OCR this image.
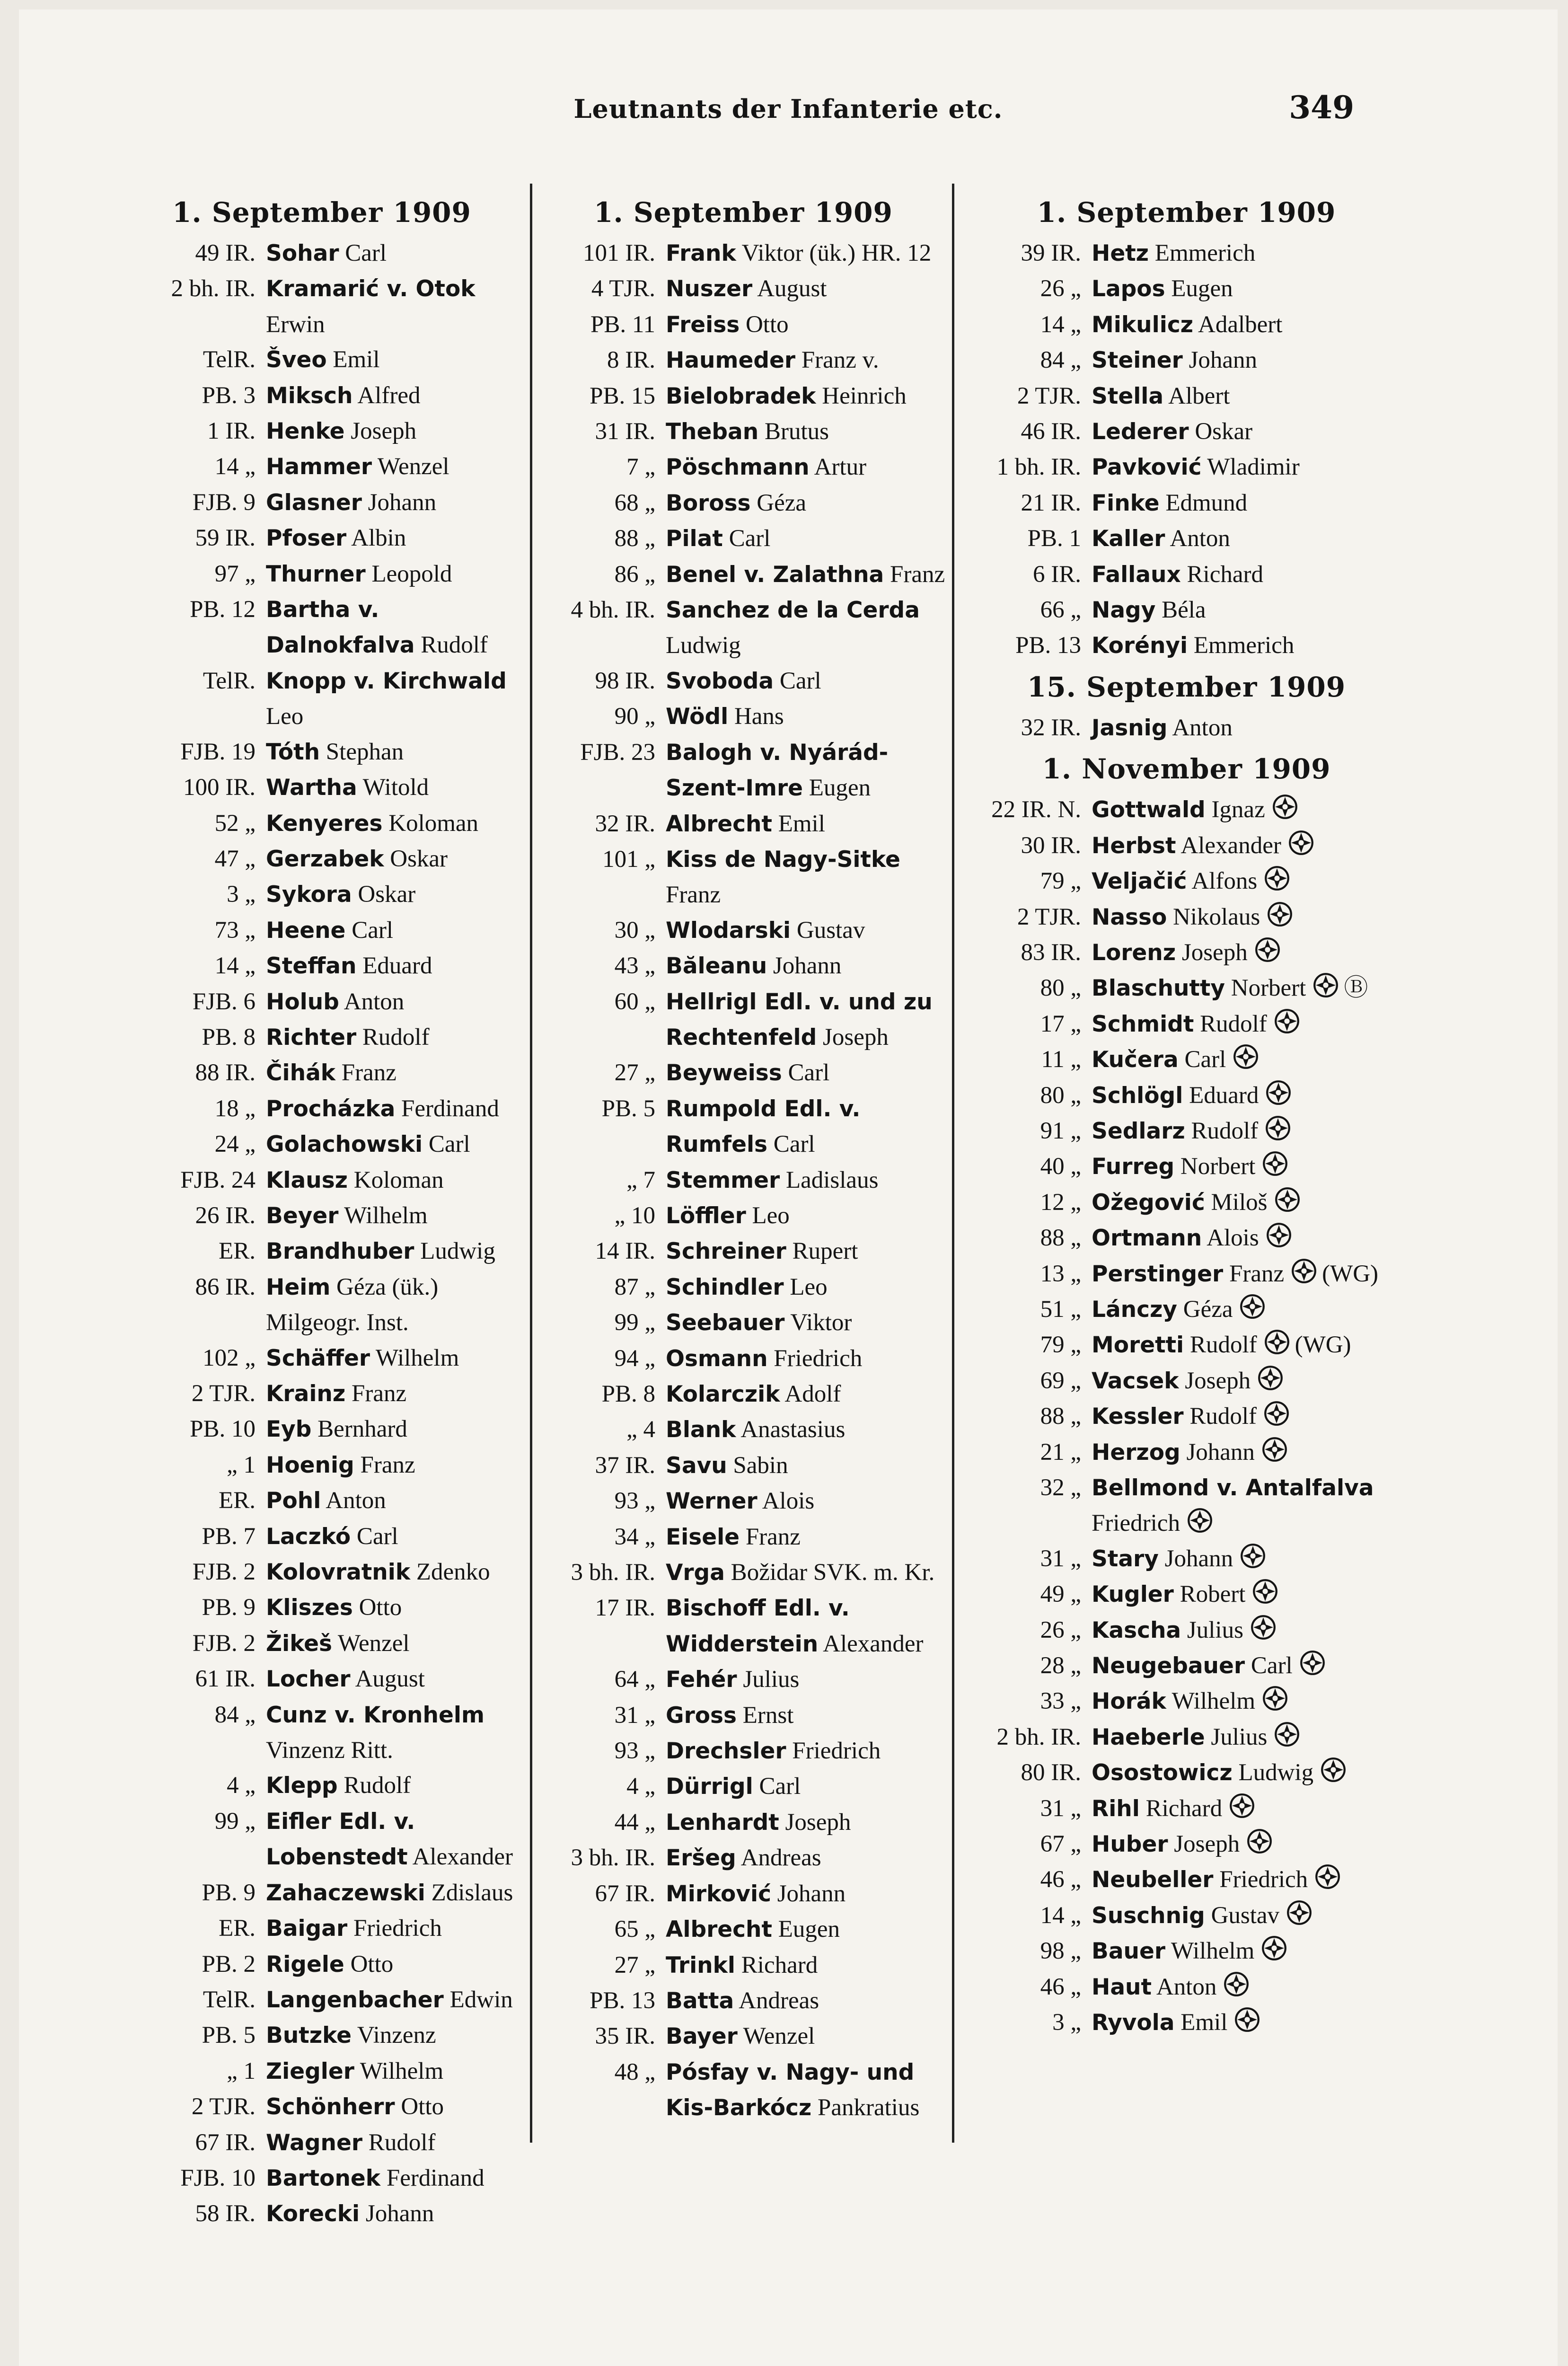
Leutnants der Infanterie etc.	349
1. September 1909
49 IR. Sohar Carl
2 bh. IR. Kramarić v. Otok Erwin
TelR. Šveo Emil
PB. 3 Miksch Alfred
1 IR. Henke Joseph
14 „ Hammer Wenzel
FJB. 9 Glasner Johann
59 IR. Pfoser Albin
97 „ Thurner Leopold
PB. 12 Bartha v. Dalnokfalva Rudolf
TelR. Knopp v. Kirchwald Leo
FJB. 19 Tóth Stephan
100 IR. Wartha Witold
52 „ Kenyeres Koloman
47 „ Gerzabek Oskar
3 „ Sykora Oskar
73 „ Heene Carl
14 „ Steffan Eduard
FJB. 6 Holub Anton
PB. 8 Richter Rudolf
88 IR. Čihák Franz
18 „ Procházka Ferdinand
24 „ Golachowski Carl
FJB. 24 Klausz Koloman
26 IR. Beyer Wilhelm
ER. Brandhuber Ludwig
86 IR. Heim Géza (ük.) Milgeogr. Inst.
102 „ Schäffer Wilhelm
2 TJR. Krainz Franz
PB. 10 Eyb Bernhard
„ 1 Hoenig Franz
ER. Pohl Anton
PB. 7 Laczkó Carl
FJB. 2 Kolovratnik Zdenko
PB. 9 Kliszes Otto
FJB. 2 Žikeš Wenzel
61 IR. Locher August
84 „ Cunz v. Kronhelm Vinzenz Ritt.
4 „ Klepp Rudolf
99 „ Eifler Edl. v. Lobenstedt Alexander
PB. 9 Zahaczewski Zdislaus
ER. Baigar Friedrich
PB. 2 Rigele Otto
TelR. Langenbacher Edwin
PB. 5 Butzke Vinzenz
„ 1 Ziegler Wilhelm
2 TJR. Schönherr Otto
67 IR. Wagner Rudolf
FJB. 10 Bartonek Ferdinand
58 IR. Korecki Johann
1. September 1909
101 IR. Frank Viktor (ük.) HR. 12
4 TJR. Nuszer August
PB. 11 Freiss Otto
8 IR. Haumeder Franz v.
PB. 15 Bielobradek Heinrich
31 IR. Theban Brutus
7 „ Pöschmann Artur
68 „ Boross Géza
88 „ Pilat Carl
86 „ Benel v. Zalathna Franz
4 bh. IR. Sanchez de la Cerda Ludwig
98 IR. Svoboda Carl
90 „ Wödl Hans
FJB. 23 Balogh v. Nyárád-Szent-Imre Eugen
32 IR. Albrecht Emil
101 „ Kiss de Nagy-Sitke Franz
30 „ Wlodarski Gustav
43 „ Băleanu Johann
60 „ Hellrigl Edl. v. und zu Rechtenfeld Joseph
27 „ Beyweiss Carl
PB. 5 Rumpold Edl. v. Rumfels Carl
„ 7 Stemmer Ladislaus
„ 10 Löffler Leo
14 IR. Schreiner Rupert
87 „ Schindler Leo
99 „ Seebauer Viktor
94 „ Osmann Friedrich
PB. 8 Kolarczik Adolf
„ 4 Blank Anastasius
37 IR. Savu Sabin
93 „ Werner Alois
34 „ Eisele Franz
3 bh. IR. Vrga Božidar SVK. m. Kr.
17 IR. Bischoff Edl. v. Widderstein Alexander
64 „ Fehér Julius
31 „ Gross Ernst
93 „ Drechsler Friedrich
4 „ Dürrigl Carl
44 „ Lenhardt Joseph
3 bh. IR. Eršeg Andreas
67 IR. Mirković Johann
65 „ Albrecht Eugen
27 „ Trinkl Richard
PB. 13 Batta Andreas
35 IR. Bayer Wenzel
48 „ Pósfay v. Nagy- und Kis-Barkócz Pankratius
1. September 1909
39 IR. Hetz Emmerich
26 „ Lapos Eugen
14 „ Mikulicz Adalbert
84 „ Steiner Johann
2 TJR. Stella Albert
46 IR. Lederer Oskar
1 bh. IR. Pavković Wladimir
21 IR. Finke Edmund
PB. 1 Kaller Anton
6 IR. Fallaux Richard
66 „ Nagy Béla
PB. 13 Korényi Emmerich
15. September 1909
32 IR. Jasnig Anton
1. November 1909
22 IR. N. Gottwald Ignaz
30 IR. Herbst Alexander
79 „ Veljačić Alfons
2 TJR. Nasso Nikolaus
83 IR. Lorenz Joseph
80 „ Blaschutty Norbert Ⓑ
17 „ Schmidt Rudolf
11 „ Kučera Carl
80 „ Schlögl Eduard
91 „ Sedlarz Rudolf
40 „ Furreg Norbert
12 „ Ožegović Miloš
88 „ Ortmann Alois
13 „ Perstinger Franz (WG)
51 „ Lánczy Géza
79 „ Moretti Rudolf (WG)
69 „ Vacsek Joseph
88 „ Kessler Rudolf
21 „ Herzog Johann
32 „ Bellmond v. Antalfalva Friedrich
31 „ Stary Johann
49 „ Kugler Robert
26 „ Kascha Julius
28 „ Neugebauer Carl
33 „ Horák Wilhelm
2 bh. IR. Haeberle Julius
80 IR. Osostowicz Ludwig
31 „ Rihl Richard
67 „ Huber Joseph
46 „ Neubeller Friedrich
14 „ Suschnig Gustav
98 „ Bauer Wilhelm
46 „ Haut Anton
3 „ Ryvola Emil
